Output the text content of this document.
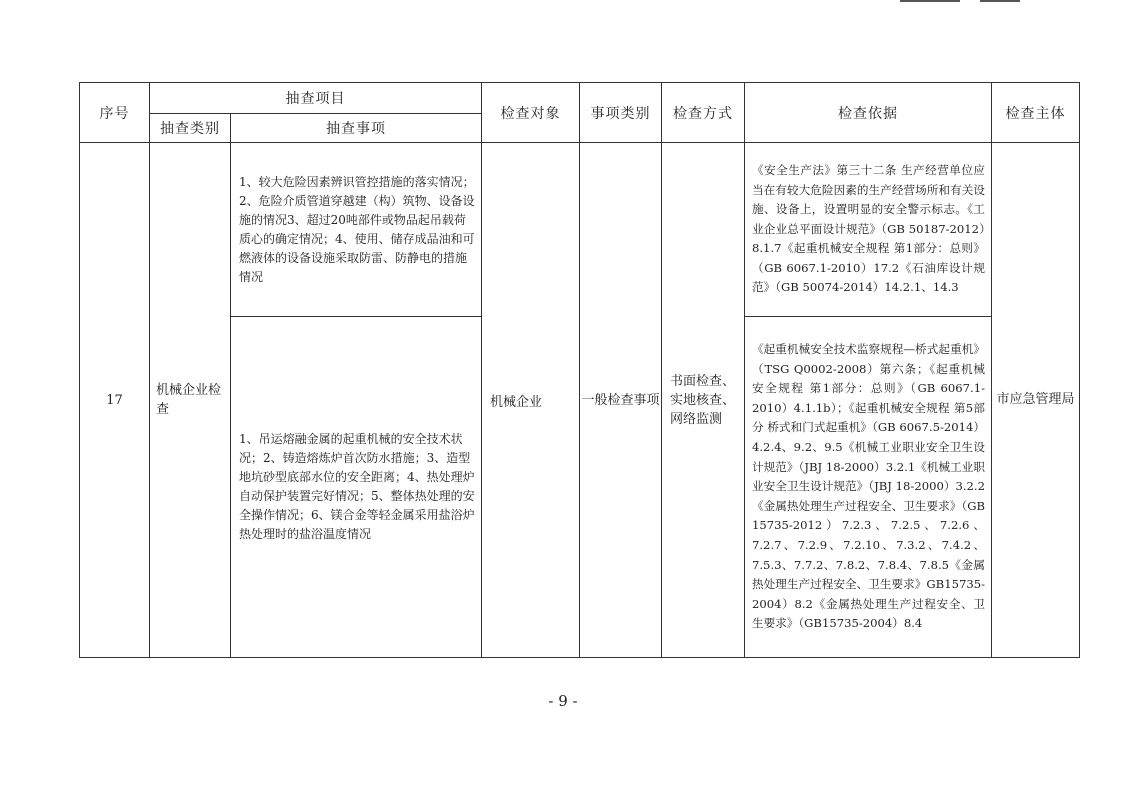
序号	抽查项目		检查对象	事项类别	检查方式	检查依据	检查主体
	抽查类别	抽查事项					
17	机械企业检查	1、较大危险因素辨识管控措施的落实情况；2、危险介质管道穿越建（构）筑物、设备设施的情况3、超过20吨部件或物品起吊载荷质心的确定情况；4、使用、储存成品油和可燃液体的设备设施采取防雷、防静电的措施情况	机械企业	一般检查事项	书面检查、实地核查、网络监测	《安全生产法》第三十二条 生产经营单位应当在有较大危险因素的生产经营场所和有关设施、设备上，设置明显的安全警示标志。《工业企业总平面设计规范》（GB 50187-2012）8.1.7《起重机械安全规程 第1部分：总则》（GB 6067.1-2010）17.2《石油库设计规范》（GB 50074-2014）14.2.1、14.3	市应急管理局
		1、吊运熔融金属的起重机械的安全技术状况；2、铸造熔炼炉首次防水措施；3、造型地坑砂型底部水位的安全距离；4、热处理炉自动保护装置完好情况；5、整体热处理的安全操作情况；6、镁合金等轻金属采用盐浴炉热处理时的盐浴温度情况				《起重机械安全技术监察规程—桥式起重机》（TSG Q0002-2008）第六条；《起重机械安全规程 第1部分：总则》（GB 6067.1-2010）4.1.1b）；《起重机械安全规程 第5部分 桥式和门式起重机》（GB 6067.5-2014）4.2.4、9.2、9.5《机械工业职业安全卫生设计规范》（JBJ 18-2000）3.2.1《机械工业职业安全卫生设计规范》（JBJ 18-2000）3.2.2《金属热处理生产过程安全、卫生要求》（GB 15735-2012）7.2.3、7.2.5、7.2.6、7.2.7、7.2.9、7.2.10、7.3.2、7.4.2、7.5.3、7.7.2、7.8.2、7.8.4、7.8.5《金属热处理生产过程安全、卫生要求》GB15735-2004）8.2《金属热处理生产过程安全、卫生要求》（GB15735-2004）8.4	
- 9 -
